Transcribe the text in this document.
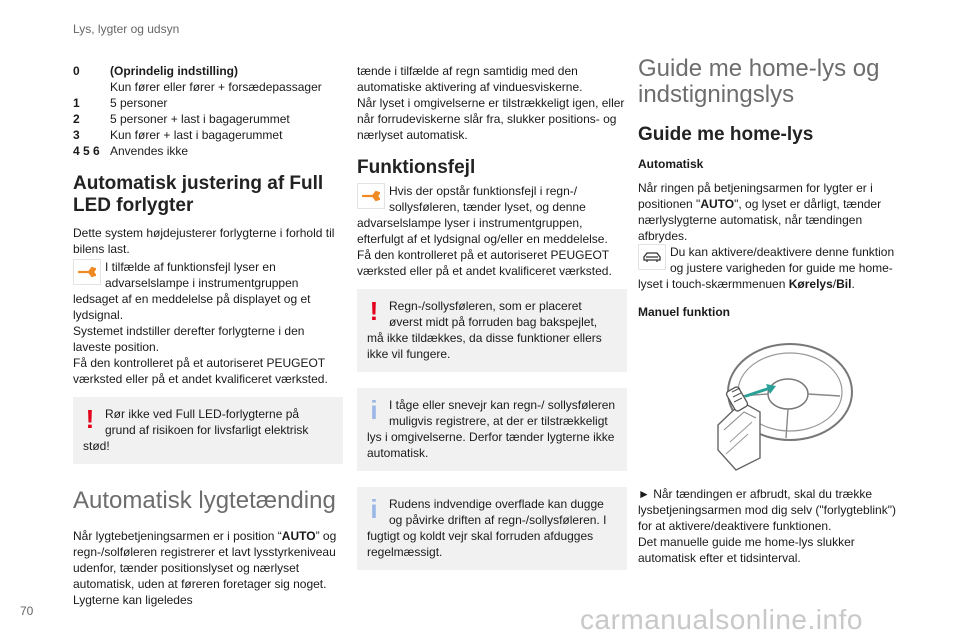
Lys, lygter og udsyn
0	(Oprindelig indstilling)
	Kun fører eller fører + forsædepassager
1	5 personer
2	5 personer + last i bagagerummet
3	Kun fører + last i bagagerummet
4 5 6	Anvendes ikke

Automatisk justering af Full LED forlygter

Dette system højdejusterer forlygterne i forhold til bilens last.

I tilfælde af funktionsfejl lyser en advarselslampe i instrumentgruppen ledsaget af en meddelelse på displayet og et lydsignal.

Systemet indstiller derefter forlygterne i den laveste position.

Få den kontrolleret på et autoriseret PEUGEOT værksted eller på et andet kvalificeret værksted.

! Rør ikke ved Full LED-forlygterne på grund af risikoen for livsfarligt elektrisk stød!

Automatisk lygtetænding

Når lygtebetjeningsarmen er i position “AUTO” og regn-/solføleren registrerer et lavt lysstyrkeniveau udenfor, tænder positionslyset og nærlyset automatisk, uden at føreren foretager sig noget. Lygterne kan ligeledes

tænde i tilfælde af regn samtidig med den automatiske aktivering af vinduesviskerne.

Når lyset i omgivelserne er tilstrækkeligt igen, eller når forrudeviskerne slår fra, slukker positions- og nærlyset automatisk.

Funktionsfejl

Hvis der opstår funktionsfejl i regn-/ sollysføleren, tænder lyset, og denne advarselslampe lyser i instrumentgruppen, efterfulgt af et lydsignal og/eller en meddelelse.

Få den kontrolleret på et autoriseret PEUGEOT værksted eller på et andet kvalificeret værksted.

! Regn-/sollysføleren, som er placeret øverst midt på forruden bag bakspejlet, må ikke tildækkes, da disse funktioner ellers ikke vil fungere.

i I tåge eller snevejr kan regn-/ sollysføleren muligvis registrere, at der er tilstrækkeligt lys i omgivelserne. Derfor tænder lygterne ikke automatisk.

i Rudens indvendige overflade kan dugge og påvirke driften af regn-/sollysføleren. I fugtigt og koldt vejr skal forruden afdugges regelmæssigt.

Guide me home-lys og indstigningslys

Guide me home-lys

Automatisk

Når ringen på betjeningsarmen for lygter er i positionen "AUTO", og lyset er dårligt, tænder nærlyslygterne automatisk, når tændingen afbrydes.

Du kan aktivere/deaktivere denne funktion og justere varigheden for guide me home-lyset i touch-skærmmenuen Kørelys/Bil.

Manuel funktion

► Når tændingen er afbrudt, skal du trække lysbetjeningsarmen mod dig selv ("forlygteblink") for at aktivere/deaktivere funktionen.

Det manuelle guide me home-lys slukker automatisk efter et tidsinterval.

70	carmanualsonline.info
